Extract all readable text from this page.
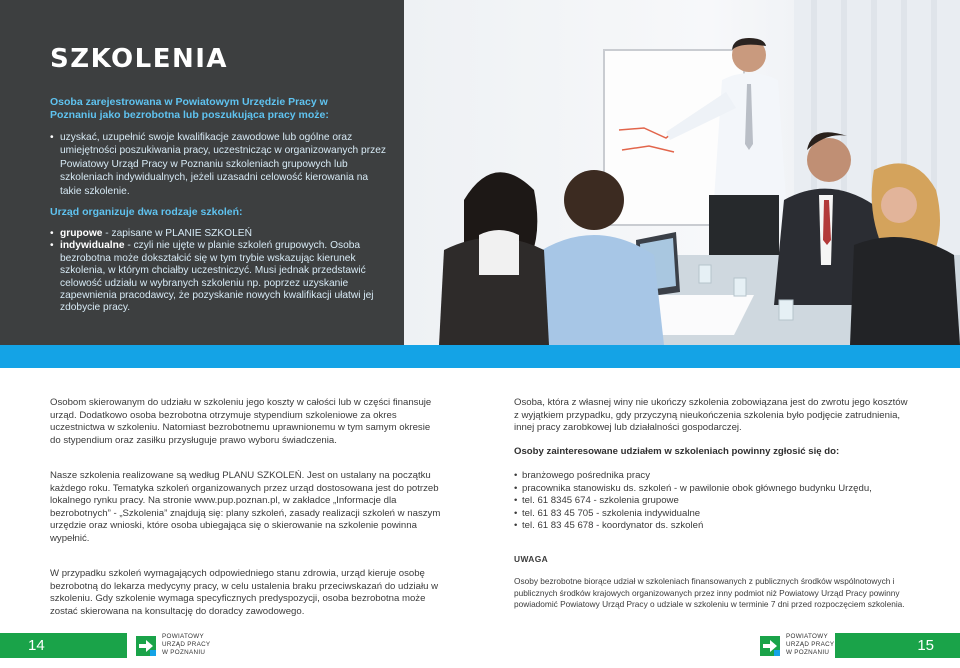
SZKOLENIA
Osoba zarejestrowana w Powiatowym Urzędzie Pracy w Poznaniu jako bezrobotna lub poszukująca pracy może:
• uzyskać, uzupełnić swoje kwalifikacje zawodowe lub ogólne oraz umiejętności poszukiwania pracy, uczestnicząc w organizowanych przez Powiatowy Urząd Pracy w Poznaniu szkoleniach grupowych lub szkoleniach indywidualnych, jeżeli uzasadni celowość kierowania na takie szkolenie.
Urząd organizuje dwa rodzaje szkoleń:
• grupowe - zapisane w PLANIE SZKOLEŃ
• indywidualne - czyli nie ujęte w planie szkoleń grupowych. Osoba bezrobotna może dokształcić się w tym trybie wskazując kierunek szkolenia, w którym chciałby uczestniczyć. Musi jednak przedstawić celowość udziału w wybranych szkoleniu np. poprzez uzyskanie zapewnienia pracodawcy, że pozyskanie nowych kwalifikacji ułatwi jej zdobycie pracy.

Osobom skierowanym do udziału w szkoleniu jego koszty w całości lub w części finansuje urząd. Dodatkowo osoba bezrobotna otrzymuje stypendium szkoleniowe za okres uczestnictwa w szkoleniu. Natomiast bezrobotnemu uprawnionemu w tym samym okresie do stypendium oraz zasiłku przysługuje prawo wyboru świadczenia.

Nasze szkolenia realizowane są według PLANU SZKOLEŃ. Jest on ustalany na początku każdego roku. Tematyka szkoleń organizowanych przez urząd dostosowana jest do potrzeb lokalnego rynku pracy. Na stronie www.pup.poznan.pl, w zakładce „Informacje dla bezrobotnych” - „Szkolenia” znajdują się: plany szkoleń, zasady realizacji szkoleń w naszym urzędzie oraz wnioski, które osoba ubiegająca się o skierowanie na szkolenie powinna wypełnić.

W przypadku szkoleń wymagających odpowiedniego stanu zdrowia, urząd kieruje osobę bezrobotną do lekarza medycyny pracy, w celu ustalenia braku przeciwskazań do udziału w szkoleniu. Gdy szkolenie wymaga specyficznych predyspozycji, osoba bezrobotna może zostać skierowana na konsultację do doradcy zawodowego.

Osoba, która z własnej winy nie ukończy szkolenia zobowiązana jest do zwrotu jego kosztów z wyjątkiem przypadku, gdy przyczyną nieukończenia szkolenia było podjęcie zatrudnienia, innej pracy zarobkowej lub działalności gospodarczej.

Osoby zainteresowane udziałem w szkoleniach powinny zgłosić się do:
• branżowego pośrednika pracy
• pracownika stanowisku ds. szkoleń - w pawilonie obok głównego budynku Urzędu,
• tel. 61 8345 674 - szkolenia grupowe
• tel. 61 83 45 705 - szkolenia indywidualne
• tel. 61 83 45 678 - koordynator ds. szkoleń
UWAGA
Osoby bezrobotne biorące udział w szkoleniach finansowanych z publicznych środków wspólnotowych i publicznych środków krajowych organizowanych przez inny podmiot niż Powiatowy Urząd Pracy powinny powiadomić Powiatowy Urząd Pracy o udziale w szkoleniu w terminie 7 dni przed rozpoczęciem szkolenia.
14
POWIATOWY
URZĄD PRACY
W POZNANIU
POWIATOWY
URZĄD PRACY
W POZNANIU	15
